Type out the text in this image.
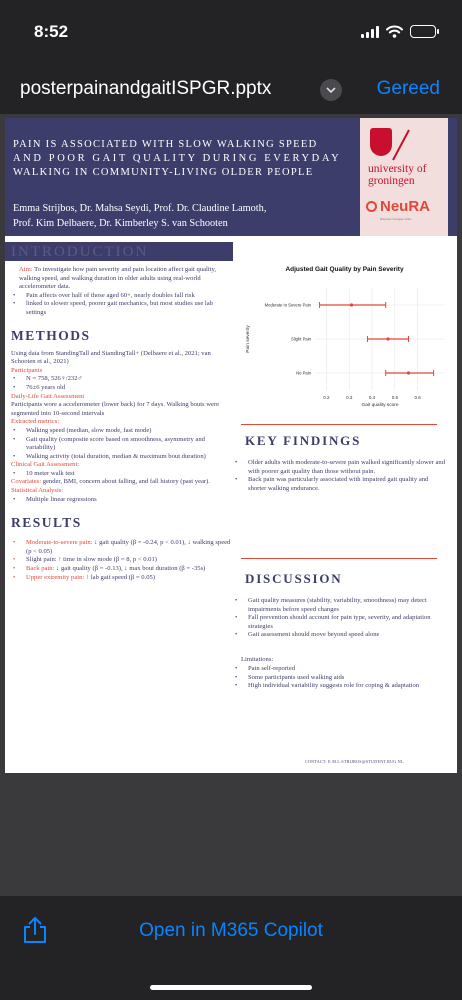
8:52
posterpainandgaitISPGR.pptx	Gereed
PAIN IS ASSOCIATED WITH SLOW WALKING SPEED
AND POOR GAIT QUALITY DURING EVERYDAY
WALKING IN COMMUNITY-LIVING OLDER PEOPLE
Emma Strijbos, Dr. Mahsa Seydi, Prof. Dr. Claudine Lamoth,
Prof. Kim Delbaere, Dr. Kimberley S. van Schooten
university of
groningen
NeuRA
Discover Conquer Cure
INTRODUCTION
Aim: To investigate how pain severity and pain location affect gait quality, walking speed, and walking duration in older adults using real-world accelerometer data.
• Pain affects over half of those aged 60+, nearly doubles fall risk
• linked to slower speed, poorer gait mechanics, but most studies use lab settings
METHODS
Using data from StandingTall and StandingTall+ (Delbaere et al., 2021; van Schooten et al., 2021)
Participants
• N = 758, 526♀/232♂
• 76±6 years old
Daily-Life Gait Assessment
Participants wore a accelerometer (lower back) for 7 days. Walking bouts were segmented into 10-second intervals
Extracted metrics:
• Walking speed (median, slow mode, fast mode)
• Gait quality (composite score based on smoothness, asymmetry and variability)
• Walking activity (total duration, median & maximum bout duration)
Clinical Gait Assessment:
• 10 meter walk test
Covariates: gender, BMI, concern about falling, and fall history (past year).
Statistical Analysis:
• Multiple linear regressions
RESULTS
• Moderate-to-severe pain: ↓ gait quality (β = -0.24, p < 0.01), ↓ walking speed (p < 0.05)
• Slight pain: ↑ time in slow mode (β = 8, p < 0.01)
• Back pain: ↓ gait quality (β = -0.13), ↓ max bout duration (β = -35s)
• Upper extremity pain: ↑ lab gait speed (β = 0.05)
Adjusted Gait Quality by Pain Severity
0.2	0.3	0.4	0.5	0.6
Moderate to Severe Pain
Slight Pain
No Pain
Gait quality score
Pain severity
KEY FINDINGS
• Older adults with moderate-to-severe pain walked significantly slower and with poorer gait quality than those without pain.
• Back pain was particularly associated with impaired gait quality and shorter walking endurance.
DISCUSSION
• Gait quality measures (stability, variability, smoothness) may detect impairments before speed changes
• Fall prevention should account for pain type, severity, and adaptation strategies
• Gait assessment should move beyond speed alone
Limitations:
• Pain self-reported
• Some participants used walking aids
• High individual variability suggests role for coping & adaptation
CONTACT: E.M.L.STRIJBOS@STUDENT.RUG.NL
Open in M365 Copilot
